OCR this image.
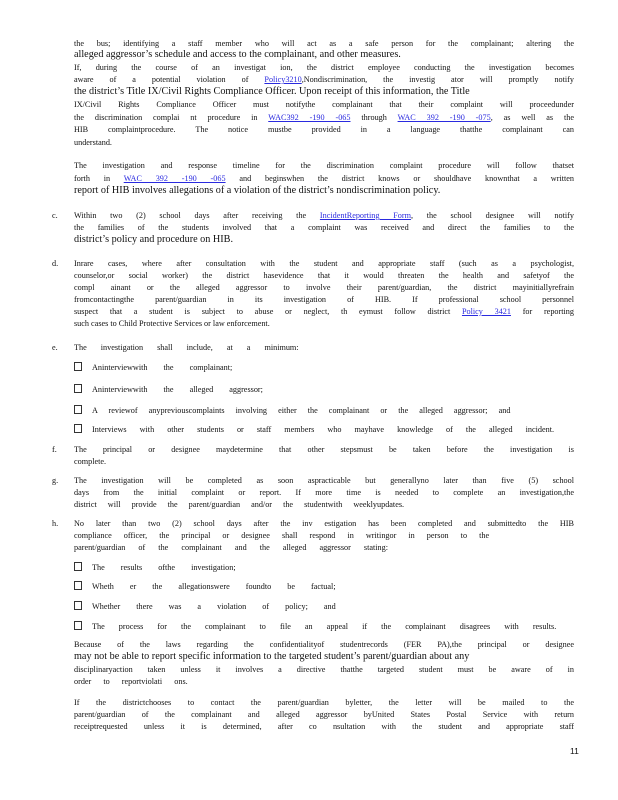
the bus; identifying a staff member who will act as a safe person for the complainant; altering the
alleged aggressor’s schedule and access to the complainant, and other measures.
If, during the course of an investigat ion, the district employee conducting the investigation becomes
aware of a potential violation of Policy3210,Nondiscrimination, the investig ator will promptly notify
the district’s Title IX/Civil Rights Compliance Officer. Upon receipt of this information, the Title
IX/Civil Rights Compliance Officer must notifythe complainant that their complaint will proceedunder
the discrimination complai nt procedure in WAC392 -190 -065 through WAC 392 -190 -075, as well as the
HIB complaintprocedure. The notice mustbe provided in a language thatthe complainant can
understand.
The investigation and response timeline for the discrimination complaint procedure will follow thatset
forth in WAC 392 -190 -065 and beginswhen the district knows or shouldhave knownthat a written
report of HIB involves allegations of a violation of the district’s nondiscrimination policy.
c. Within two (2) school days after receiving the IncidentReporting Form, the school designee will notify
the families of the students involved that a complaint was received and direct the families to the
district’s policy and procedure on HIB.
d. Inrare cases, where after consultation with the student and appropriate staff (such as a psychologist,
counselor,or social worker) the district hasevidence that it would threaten the health and safetyof the
compl ainant or the alleged aggressor to involve their parent/guardian, the district mayinitiallyrefrain
fromcontactingthe parent/guardian in its investigation of HIB. If professional school personnel
suspect that a student is subject to abuse or neglect, th eymust follow district Policy 3421 for reporting
such cases to Child Protective Services or law enforcement.
e. The investigation shall include, at a minimum:
Aninterviewwith the complainant;
Aninterviewwith the alleged aggressor;
A reviewof anypreviouscomplaints involving either the complainant or the alleged aggressor; and
Interviews with other students or staff members who mayhave knowledge of the alleged incident.
f. The principal or designee maydetermine that other stepsmust be taken before the investigation is
complete.
g. The investigation will be completed as soon aspracticable but generallyno later than five (5) school
days from the initial complaint or report. If more time is needed to complete an investigation,the
district will provide the parent/guardian and/or the studentwith weeklyupdates.
h. No later than two (2) school days after the inv estigation has been completed and submittedto the HIB
compliance officer, the principal or designee shall respond in writingor in person to the
parent/guardian of the complainant and the alleged aggressor stating:
The results ofthe investigation;
Wheth er the allegationswere foundto be factual;
Whether there was a violation of policy; and
The process for the complainant to file an appeal if the complainant disagrees with results.
Because of the laws regarding the confidentialityof studentrecords (FER PA),the principal or designee
may not be able to report specific information to the targeted student’s parent/guardian about any
disciplinaryaction taken unless it involves a directive thatthe targeted student must be aware of in
order to reportviolati ons.
If the districtchooses to contact the parent/guardian byletter, the letter will be mailed to the
parent/guardian of the complainant and alleged aggressor byUnited States Postal Service with return
receiptrequested unless it is determined, after co nsultation with the student and appropriate staff
11
